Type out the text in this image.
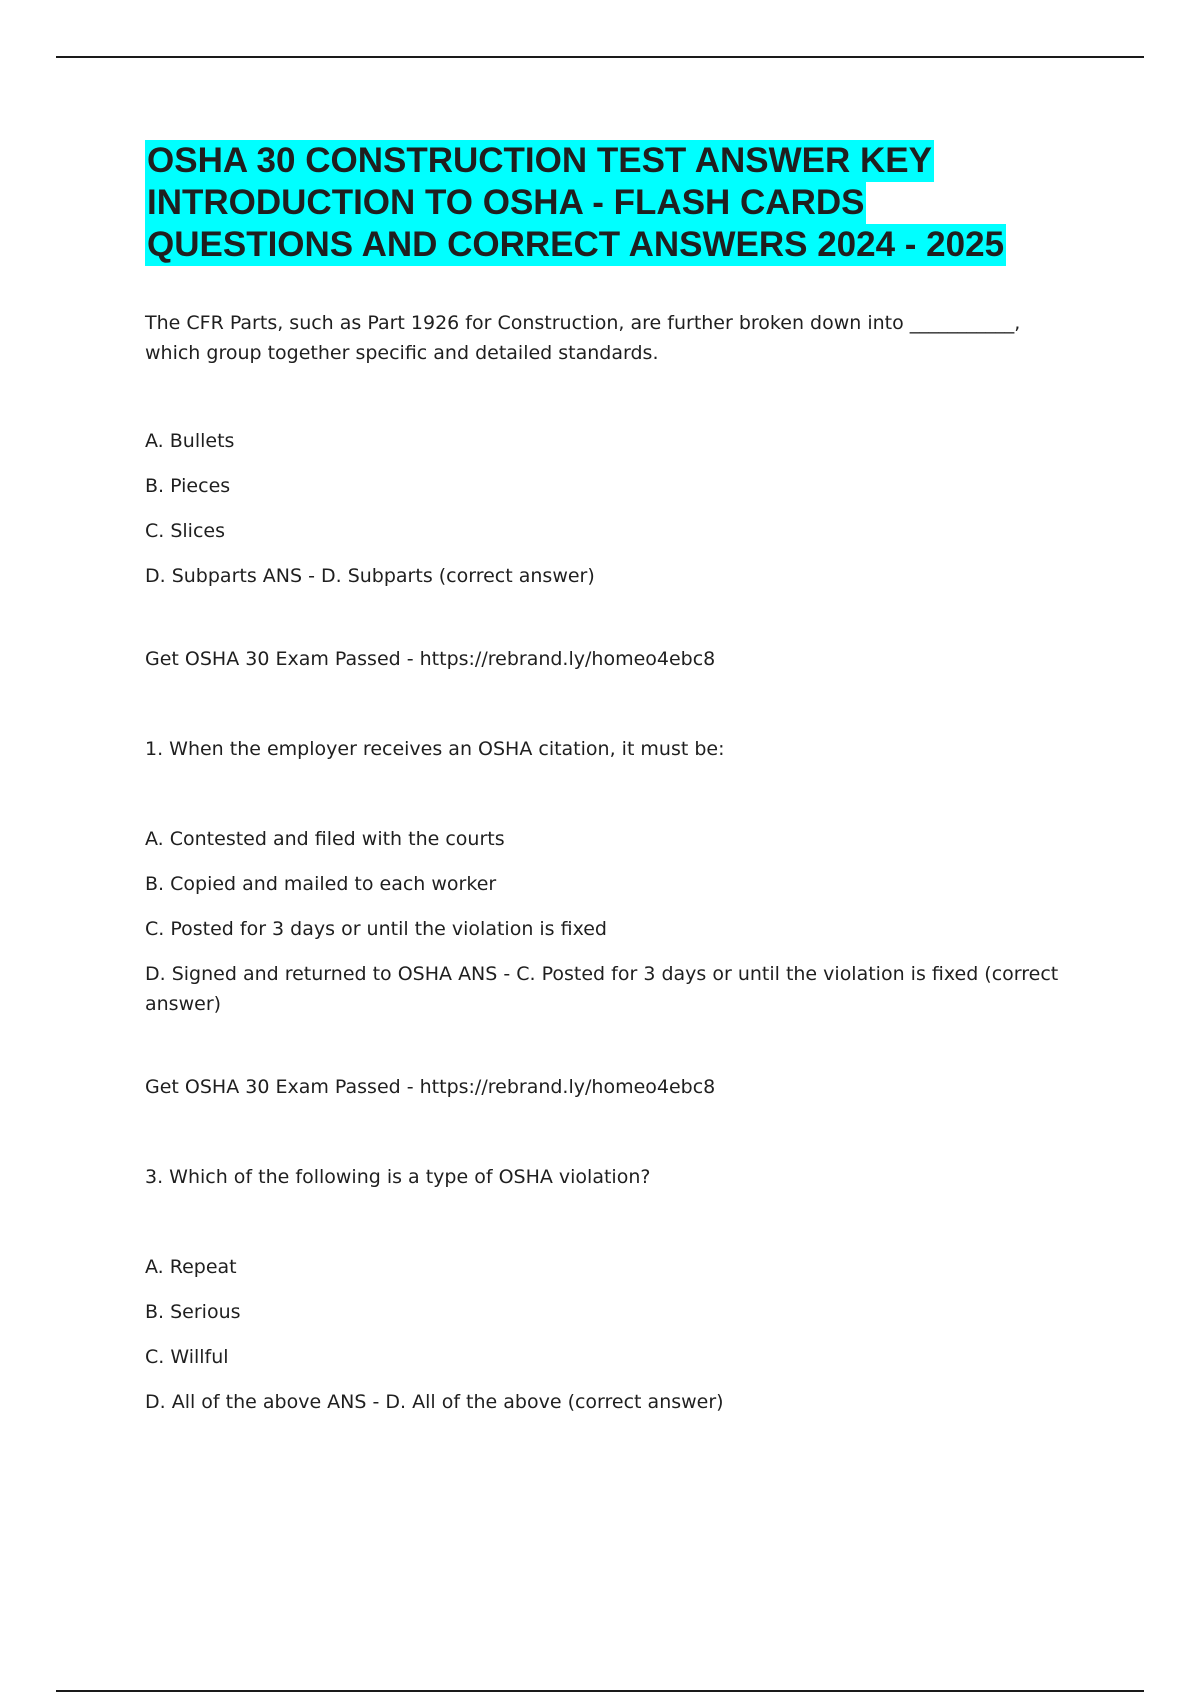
OSHA 30 CONSTRUCTION TEST ANSWER KEY
INTRODUCTION TO OSHA - FLASH CARDS
QUESTIONS AND CORRECT ANSWERS 2024 - 2025

The CFR Parts, such as Part 1926 for Construction, are further broken down into ___________, which group together specific and detailed standards.

A. Bullets

B. Pieces

C. Slices

D. Subparts ANS - D. Subparts (correct answer)

Get OSHA 30 Exam Passed - https://rebrand.ly/homeo4ebc8

1. When the employer receives an OSHA citation, it must be:

A. Contested and filed with the courts

B. Copied and mailed to each worker

C. Posted for 3 days or until the violation is fixed

D. Signed and returned to OSHA ANS - C. Posted for 3 days or until the violation is fixed (correct answer)

Get OSHA 30 Exam Passed - https://rebrand.ly/homeo4ebc8

3. Which of the following is a type of OSHA violation?

A. Repeat

B. Serious

C. Willful

D. All of the above ANS - D. All of the above (correct answer)
